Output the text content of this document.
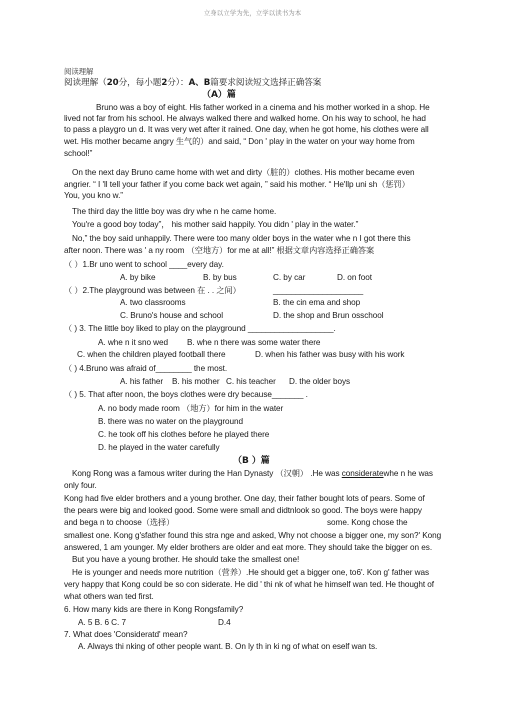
立身以立学为先，立学以读书为本
阅读理解
阅读理解（20分，每小题2分）：A、B篇要求阅读短文选择正确答案
（A）篇
Bruno was a boy of eight. His father worked in a cinema and his mother worked in a shop. He
lived not far from his school. He always walked there and walked home. On his way to school, he had
to pass a playgro un d. It was very wet after it rained. One day, when he got home, his clothes were all
wet. His mother became angry 生气的）and said, “ Don ' play in the water on your way home from
school!”
On the next day Bruno came home with wet and dirty（脏的）clothes. His mother became even
angrier. “ I 'll tell your father if you come back wet again, ” said his mother. “ He'llp uni sh（惩罚）
You, you kno w.”
The third day the little boy was dry whe n he came home.
You're a good boy today”， his mother said happily. You didn ' play in the water.”
No,” the boy said unhappily. There were too many older boys in the water whe n I got there this
after noon. There was ' a ny room （空地方）for me at all!” 根据文章内容选择正确答案
（ ）1.Br uno went to school ____every day.
A. by bike	B. by bus	C. by car	D. on foot
（ ）2.The playground was between 在 . . 之间）	____________________
A. two classrooms	B. the cin ema and shop
C. Bruno's house and school	D. the shop and Brun osschool
（ ) 3. The little boy liked to play on the playground ___________________.
A. whe n it sno wed B. whe n there was some water there
C. when the children played football there	D. when his father was busy with his work
（ ) 4.Bruno was afraid of________ the most.
A. his father B. his mother C. his teacher D. the older boys
（ ) 5. That after noon, the boys clothes were dry because_______ .
A. no body made room （地方）for him in the water
B. there was no water on the playground
C. he took off his clothes before he played there
D. he played in the water carefully
（B ）篇
Kong Rong was a famous writer during the Han Dynasty （汉朝） .He was consideratewhe n he was
only four.
Kong had five elder brothers and a young brother. One day, their father bought lots of pears. Some of
the pears were big and looked good. Some were small and didtnlook so good. The boys were happy
and bega n to choose（选择）	some. Kong chose the
smallest one. Kong g'sfather found this stra nge and asked, Why not choose a bigger one, my son?' Kong
answered, 1 am younger. My elder brothers are older and eat more. They should take the bigger on es.
But you have a young brother. He should take the smallest one!
He is younger and needs more nutrition（营养）.He should get a bigger one, to6'. Kon g' father was
very happy that Kong could be so con siderate. He did ' thi nk of what he himself wan ted. He thought of
what others wan ted first.
6. How many kids are there in Kong Rongsfamily?
A. 5 B. 6 C. 7	D.4
7. What does 'Consideratd' mean?
A. Always thi nking of other people want. B. On ly th in ki ng of what on eself wan ts.
